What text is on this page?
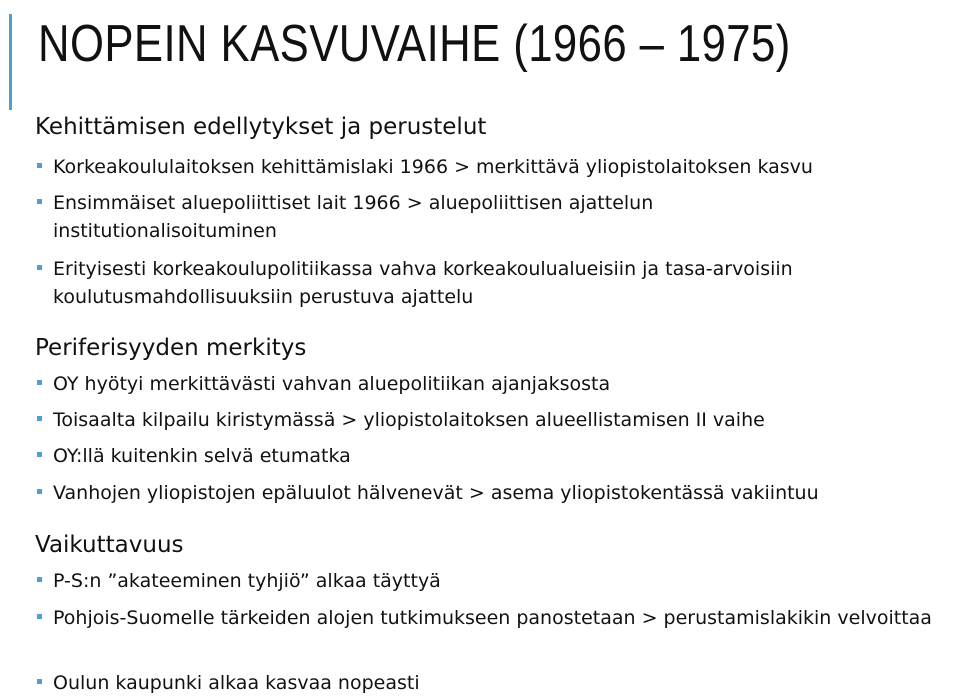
NOPEIN KASVUVAIHE (1966 – 1975)
Kehittämisen edellytykset ja perustelut
Korkeakoululaitoksen kehittämislaki 1966 > merkittävä yliopistolaitoksen kasvu
Ensimmäiset aluepoliittiset lait 1966 > aluepoliittisen ajattelun institutionalisoituminen
Erityisesti korkeakoulupolitiikassa vahva korkeakoulualueisiin ja tasa-arvoisiin koulutusmahdollisuuksiin perustuva ajattelu
Periferisyyden merkitys
OY hyötyi merkittävästi vahvan aluepolitiikan ajanjaksosta
Toisaalta kilpailu kiristymässä > yliopistolaitoksen alueellistamisen II vaihe
OY:llä kuitenkin selvä etumatka
Vanhojen yliopistojen epäluulot hälvenevät > asema yliopistokentässä vakiintuu
Vaikuttavuus
P-S:n ”akateeminen tyhjiö” alkaa täyttyä
Pohjois-Suomelle tärkeiden alojen tutkimukseen panostetaan > perustamislakikin velvoittaa
Oulun kaupunki alkaa kasvaa nopeasti
